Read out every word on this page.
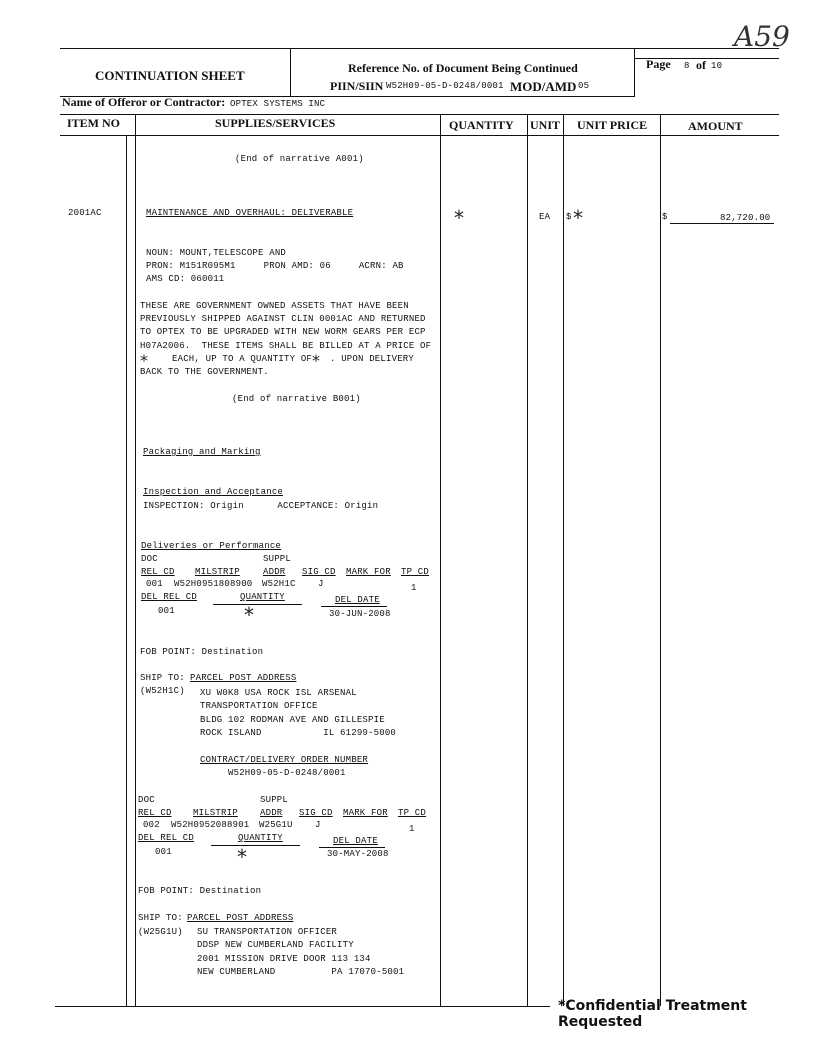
A59
CONTINUATION SHEET	Reference No. of Document Being Continued
PIIN/SIIN W52H09-05-D-0248/0001 MOD/AMD 05
Page 8 of 10
Name of Offeror or Contractor: OPTEX SYSTEMS INC
ITEM NO	SUPPLIES/SERVICES	QUANTITY UNIT UNIT PRICE	AMOUNT
(End of narrative A001)
2001AC	MAINTENANCE AND OVERHAUL: DELIVERABLE	*	EA $ *	$	82,720.00
NOUN: MOUNT,TELESCOPE AND
PRON: M151R095M1     PRON AMD: 06     ACRN: AB
AMS CD: 060011
THESE ARE GOVERNMENT OWNED ASSETS THAT HAVE BEEN
PREVIOUSLY SHIPPED AGAINST CLIN 0001AC AND RETURNED
TO OPTEX TO BE UPGRADED WITH NEW WORM GEARS PER ECP
H07A2006.  THESE ITEMS SHALL BE BILLED AT A PRICE OF
*	EACH, UP TO A QUANTITY OF * . UPON DELIVERY
BACK TO THE GOVERNMENT.
(End of narrative B001)
Packaging and Marking
Inspection and Acceptance
INSPECTION: Origin      ACCEPTANCE: Origin
Deliveries or Performance
DOC	SUPPL
REL CD MILSTRIP	ADDR SIG CD MARK FOR TP CD
001 W52H0951808900 W52H1C J	1
DEL REL CD	QUANTITY	DEL DATE
001	*	30-JUN-2008
FOB POINT: Destination
SHIP TO: PARCEL POST ADDRESS
(W52H1C) XU W0K8 USA ROCK ISL ARSENAL
TRANSPORTATION OFFICE
BLDG 102 RODMAN AVE AND GILLESPIE
ROCK ISLAND           IL 61299-5000
CONTRACT/DELIVERY ORDER NUMBER
W52H09-05-D-0248/0001
DOC	SUPPL
REL CD MILSTRIP ADDR SIG CD MARK FOR TP CD
002 W52H0952088901 W25G1U J	1
DEL REL CD	QUANTITY	DEL DATE
001	*	30-MAY-2008
FOB POINT: Destination
SHIP TO: PARCEL POST ADDRESS
(W25G1U) SU TRANSPORTATION OFFICER
DDSP NEW CUMBERLAND FACILITY
2001 MISSION DRIVE DOOR 113 134
NEW CUMBERLAND          PA 17070-5001
*Confidential Treatment Requested
